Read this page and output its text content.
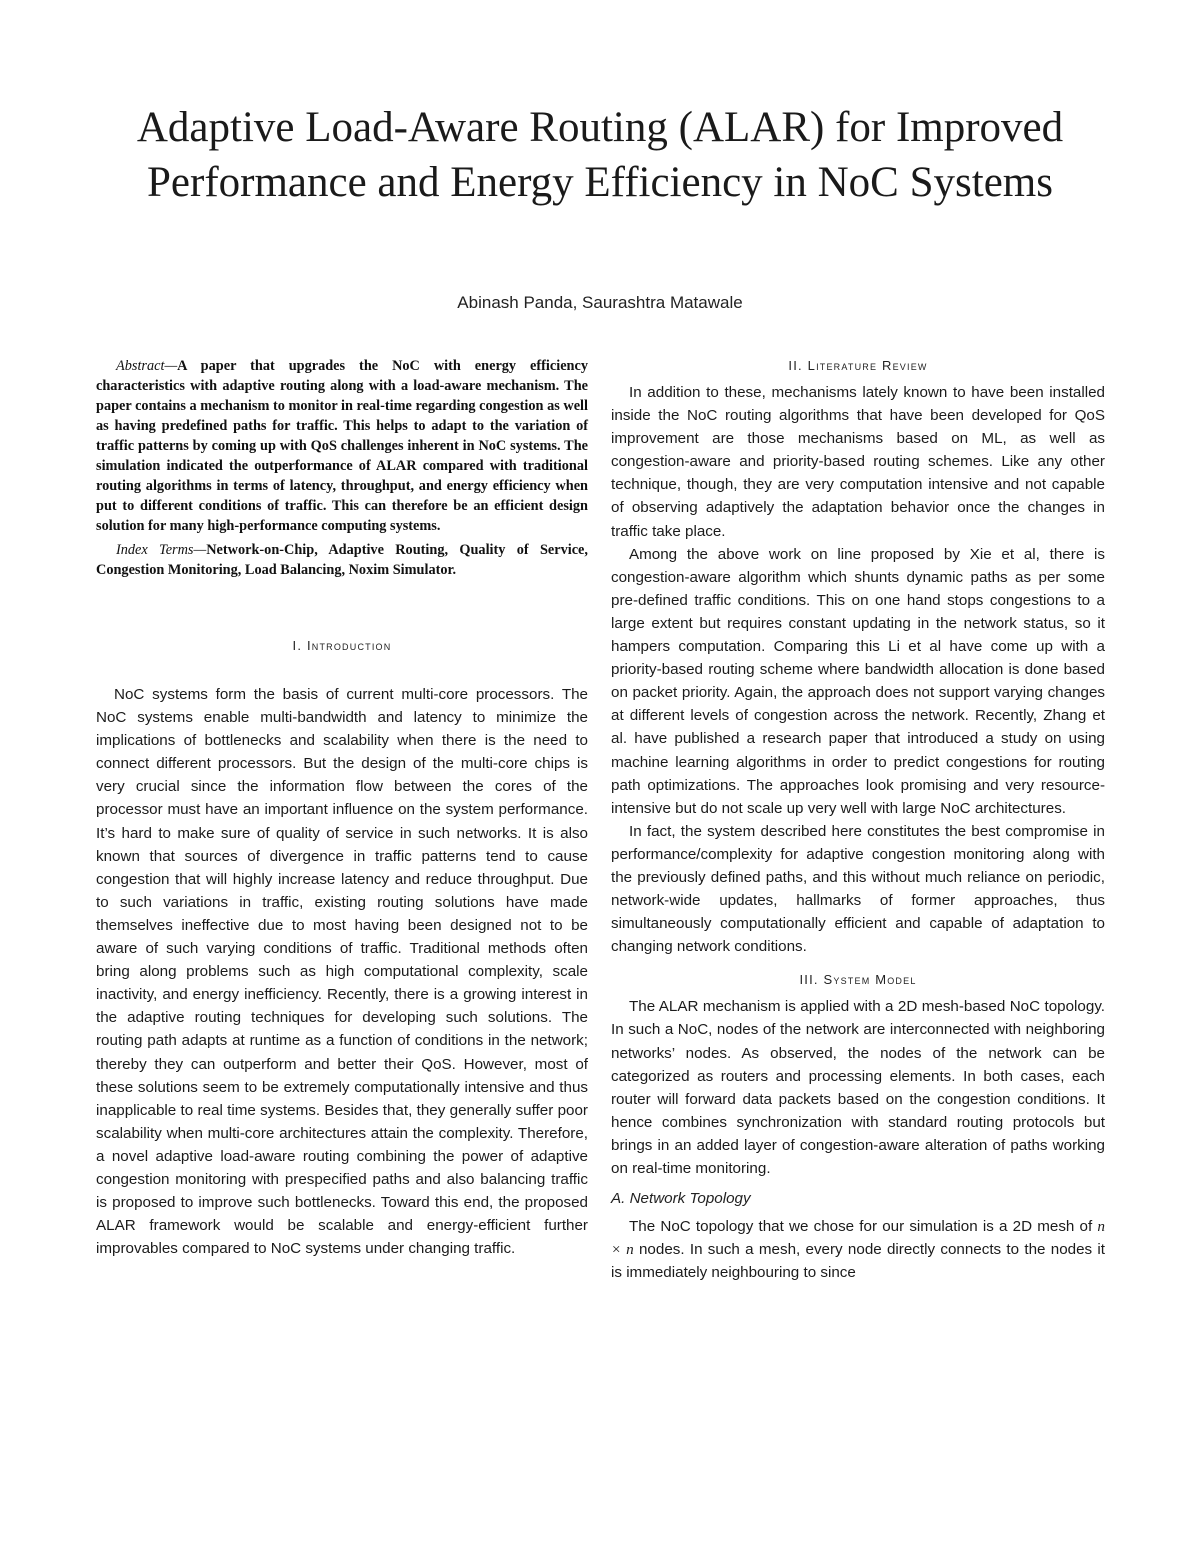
Adaptive Load-Aware Routing (ALAR) for Improved Performance and Energy Efficiency in NoC Systems
Abinash Panda, Saurashtra Matawale

Abstract—A paper that upgrades the NoC with energy efficiency characteristics with adaptive routing along with a load-aware mechanism. The paper contains a mechanism to monitor in real-time regarding congestion as well as having predefined paths for traffic. This helps to adapt to the variation of traffic patterns by coming up with QoS challenges inherent in NoC systems. The simulation indicated the outperformance of ALAR compared with traditional routing algorithms in terms of latency, throughput, and energy efficiency when put to different conditions of traffic. This can therefore be an efficient design solution for many high-performance computing systems.

Index Terms—Network-on-Chip, Adaptive Routing, Quality of Service, Congestion Monitoring, Load Balancing, Noxim Simulator.

I. Introduction

NoC systems form the basis of current multi-core processors. The NoC systems enable multi-bandwidth and latency to minimize the implications of bottlenecks and scalability when there is the need to connect different processors. But the design of the multi-core chips is very crucial since the information flow between the cores of the processor must have an important influence on the system performance. It’s hard to make sure of quality of service in such networks. It is also known that sources of divergence in traffic patterns tend to cause congestion that will highly increase latency and reduce throughput. Due to such variations in traffic, existing routing solutions have made themselves ineffective due to most having been designed not to be aware of such varying conditions of traffic. Traditional methods often bring along problems such as high computational complexity, scale inactivity, and energy inefficiency. Recently, there is a growing interest in the adaptive routing techniques for developing such solutions. The routing path adapts at runtime as a function of conditions in the network; thereby they can outperform and better their QoS. However, most of these solutions seem to be extremely computationally intensive and thus inapplicable to real time systems. Besides that, they generally suffer poor scalability when multi-core architectures attain the complexity. Therefore, a novel adaptive load-aware routing combining the power of adaptive congestion monitoring with prespecified paths and also balancing traffic is proposed to improve such bottlenecks. Toward this end, the proposed ALAR framework would be scalable and energy-efficient further improvables compared to NoC systems under changing traffic.

II. Literature Review

In addition to these, mechanisms lately known to have been installed inside the NoC routing algorithms that have been developed for QoS improvement are those mechanisms based on ML, as well as congestion-aware and priority-based routing schemes. Like any other technique, though, they are very computation intensive and not capable of observing adaptively the adaptation behavior once the changes in traffic take place.

Among the above work on line proposed by Xie et al, there is congestion-aware algorithm which shunts dynamic paths as per some pre-defined traffic conditions. This on one hand stops congestions to a large extent but requires constant updating in the network status, so it hampers computation. Comparing this Li et al have come up with a priority-based routing scheme where bandwidth allocation is done based on packet priority. Again, the approach does not support varying changes at different levels of congestion across the network. Recently, Zhang et al. have published a research paper that introduced a study on using machine learning algorithms in order to predict congestions for routing path optimizations. The approaches look promising and very resource-intensive but do not scale up very well with large NoC architectures.

In fact, the system described here constitutes the best compromise in performance/complexity for adaptive congestion monitoring along with the previously defined paths, and this without much reliance on periodic, network-wide updates, hallmarks of former approaches, thus simultaneously computationally efficient and capable of adaptation to changing network conditions.

III. System Model

The ALAR mechanism is applied with a 2D mesh-based NoC topology. In such a NoC, nodes of the network are interconnected with neighboring networks’ nodes. As observed, the nodes of the network can be categorized as routers and processing elements. In both cases, each router will forward data packets based on the congestion conditions. It hence combines synchronization with standard routing protocols but brings in an added layer of congestion-aware alteration of paths working on real-time monitoring.

A. Network Topology

The NoC topology that we chose for our simulation is a 2D mesh of n × n nodes. In such a mesh, every node directly connects to the nodes it is immediately neighbouring to since
